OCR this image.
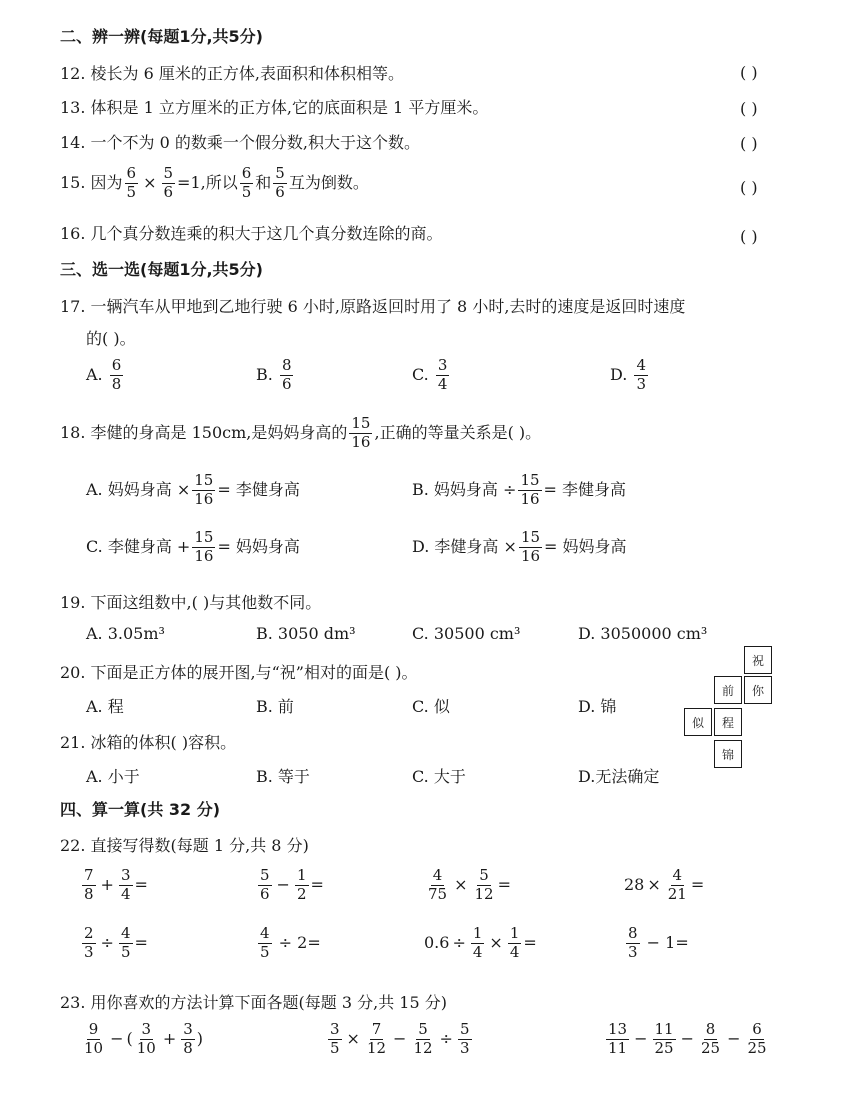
二、辨一辨(每题1分,共5分)
12. 棱长为 6 厘米的正方体,表面积和体积相等。	( )
13. 体积是 1 立方厘米的正方体,它的底面积是 1 平方厘米。	( )
14. 一个不为 0 的数乘一个假分数,积大于这个数。	( )
15. 因为 $\frac{6}{5} \times \frac{5}{6} =1$,所以 $\frac{6}{5}$ 和 $\frac{5}{6}$ 互为倒数。	( )
16. 几个真分数连乘的积大于这几个真分数连除的商。	( )
三、选一选(每题1分,共5分)
17. 一辆汽车从甲地到乙地行驶 6 小时,原路返回时用了 8 小时,去时的速度是返回时速度
的( )。
A. $\frac{6}{8}$	B. $\frac{8}{6}$	C. $\frac{3}{4}$	D. $\frac{4}{3}$
18. 李健的身高是 150cm,是妈妈身高的 $\frac{15}{16}$ ,正确的等量关系是( )。
A. 妈妈身高 × $\frac{15}{16}$ = 李健身高	B. 妈妈身高 ÷ $\frac{15}{16}$ = 李健身高
C. 李健身高 + $\frac{15}{16}$ = 妈妈身高	D. 李健身高 × $\frac{15}{16}$ = 妈妈身高
19. 下面这组数中,( )与其他数不同。
A. 3.05m³	B. 3050 dm³	C. 30500 cm³	D. 3050000 cm³
20. 下面是正方体的展开图,与“祝”相对的面是( )。
A. 程	B. 前	C. 似	D. 锦
祝
前	你
似	程
锦
21. 冰箱的体积( )容积。
A. 小于	B. 等于	C. 大于	D.无法确定
四、算一算(共 32 分)
22. 直接写得数(每题 1 分,共 8 分)
$\frac{7}{8} + \frac{3}{4}$ =	$\frac{5}{6} - \frac{1}{2}$ =	$\frac{4}{75} \times \frac{5}{12}$ =	$28 \times \frac{4}{21}$ =
$\frac{2}{3} \div \frac{4}{5}$ =	$\frac{4}{5} \div 2=$	$0.6 \div \frac{1}{4} \times \frac{1}{4}$ =	$\frac{8}{3} - 1=$
23. 用你喜欢的方法计算下面各题(每题 3 分,共 15 分)
$\frac{9}{10}$ − ( $\frac{3}{10} + \frac{3}{8}$ )	$\frac{3}{5} \times \frac{7}{12} - \frac{5}{12} \div \frac{5}{3}$	$\frac{13}{11} - \frac{11}{25} - \frac{8}{25} - \frac{6}{25}$
